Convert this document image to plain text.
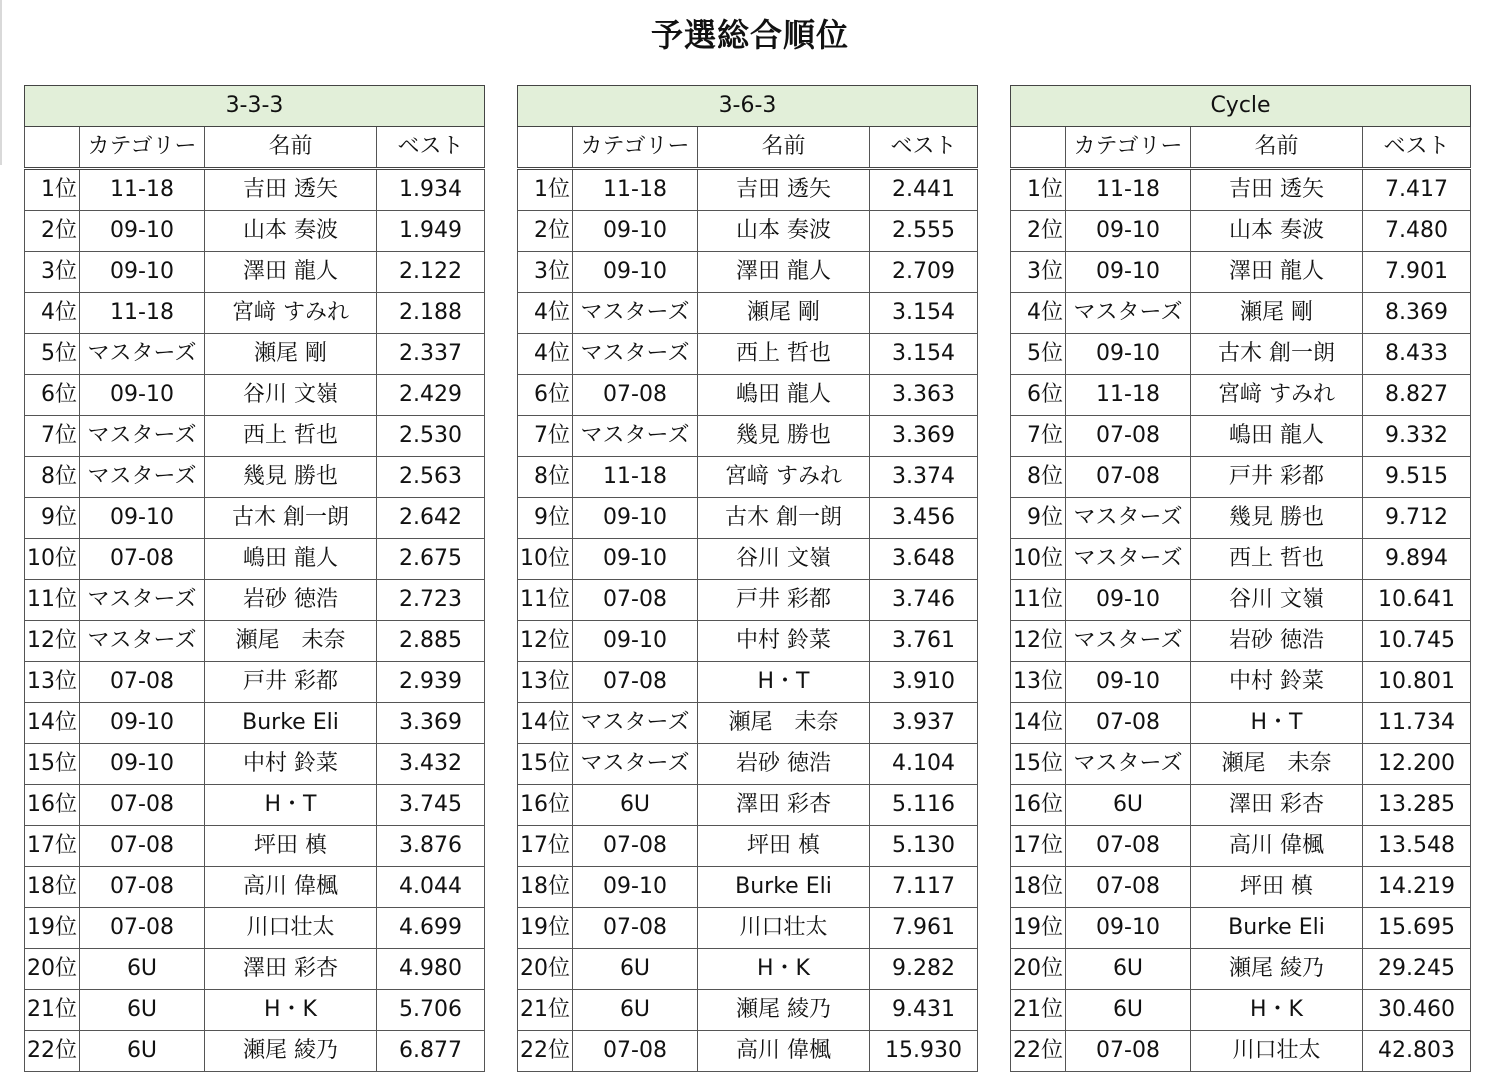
予選総合順位
3-3-3			
	カテゴリー	名前	ベスト
1位	11-18	吉田 透矢	1.934
2位	09-10	山本 奏波	1.949
3位	09-10	澤田 龍人	2.122
4位	11-18	宮﨑 すみれ	2.188
5位	マスターズ	瀬尾 剛	2.337
6位	09-10	谷川 文嶺	2.429
7位	マスターズ	西上 哲也	2.530
8位	マスターズ	幾見 勝也	2.563
9位	09-10	古木 創一朗	2.642
10位	07-08	嶋田 龍人	2.675
11位	マスターズ	岩砂 徳浩	2.723
12位	マスターズ	瀬尾　未奈	2.885
13位	07-08	戸井 彩都	2.939
14位	09-10	Burke Eli	3.369
15位	09-10	中村 鈴菜	3.432
16位	07-08	H・T	3.745
17位	07-08	坪田 槙	3.876
18位	07-08	高川 偉楓	4.044
19位	07-08	川口壮太	4.699
20位	6U	澤田 彩杏	4.980
21位	6U	H・K	5.706
22位	6U	瀬尾 綾乃	6.877
3-6-3			
	カテゴリー	名前	ベスト
1位	11-18	吉田 透矢	2.441
2位	09-10	山本 奏波	2.555
3位	09-10	澤田 龍人	2.709
4位	マスターズ	瀬尾 剛	3.154
4位	マスターズ	西上 哲也	3.154
6位	07-08	嶋田 龍人	3.363
7位	マスターズ	幾見 勝也	3.369
8位	11-18	宮﨑 すみれ	3.374
9位	09-10	古木 創一朗	3.456
10位	09-10	谷川 文嶺	3.648
11位	07-08	戸井 彩都	3.746
12位	09-10	中村 鈴菜	3.761
13位	07-08	H・T	3.910
14位	マスターズ	瀬尾　未奈	3.937
15位	マスターズ	岩砂 徳浩	4.104
16位	6U	澤田 彩杏	5.116
17位	07-08	坪田 槙	5.130
18位	09-10	Burke Eli	7.117
19位	07-08	川口壮太	7.961
20位	6U	H・K	9.282
21位	6U	瀬尾 綾乃	9.431
22位	07-08	高川 偉楓	15.930
Cycle			
	カテゴリー	名前	ベスト
1位	11-18	吉田 透矢	7.417
2位	09-10	山本 奏波	7.480
3位	09-10	澤田 龍人	7.901
4位	マスターズ	瀬尾 剛	8.369
5位	09-10	古木 創一朗	8.433
6位	11-18	宮﨑 すみれ	8.827
7位	07-08	嶋田 龍人	9.332
8位	07-08	戸井 彩都	9.515
9位	マスターズ	幾見 勝也	9.712
10位	マスターズ	西上 哲也	9.894
11位	09-10	谷川 文嶺	10.641
12位	マスターズ	岩砂 徳浩	10.745
13位	09-10	中村 鈴菜	10.801
14位	07-08	H・T	11.734
15位	マスターズ	瀬尾　未奈	12.200
16位	6U	澤田 彩杏	13.285
17位	07-08	高川 偉楓	13.548
18位	07-08	坪田 槙	14.219
19位	09-10	Burke Eli	15.695
20位	6U	瀬尾 綾乃	29.245
21位	6U	H・K	30.460
22位	07-08	川口壮太	42.803
